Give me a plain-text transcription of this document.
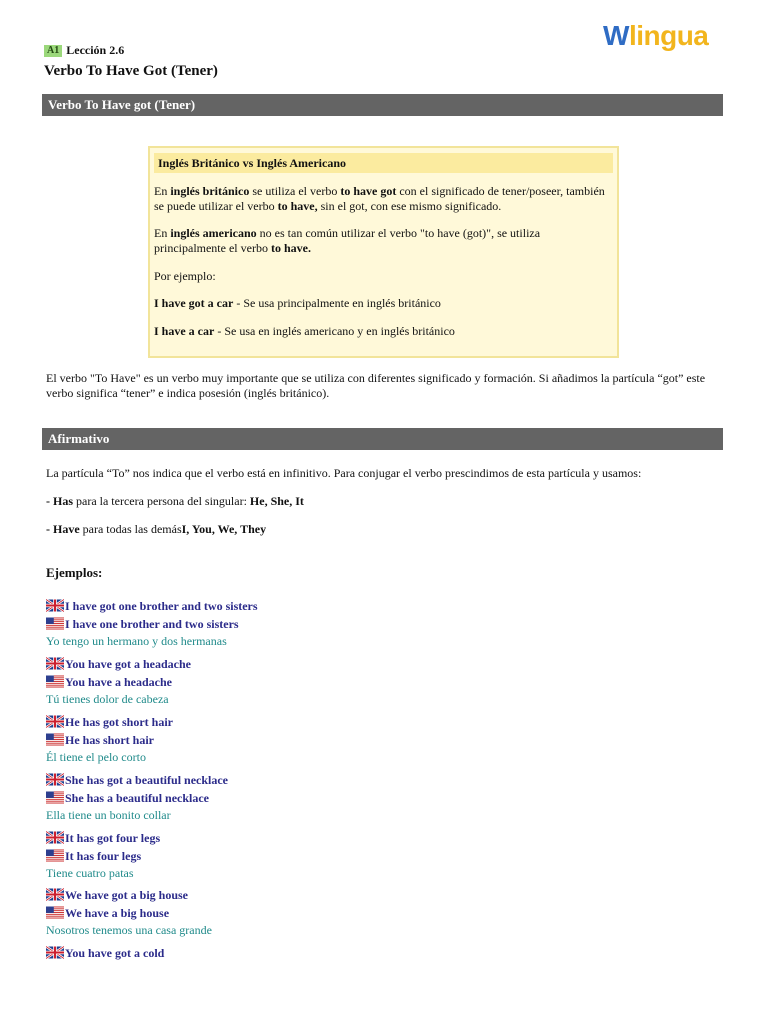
Wlingua
A1 Lección 2.6
Verbo To Have Got (Tener)
Verbo To Have got (Tener)
Inglés Británico vs Inglés Americano

En inglés británico se utiliza el verbo to have got con el significado de tener/poseer, también se puede utilizar el verbo to have, sin el got, con ese mismo significado.

En inglés americano no es tan común utilizar el verbo "to have (got)", se utiliza principalmente el verbo to have.

Por ejemplo:

I have got a car - Se usa principalmente en inglés británico

I have a car - Se usa en inglés americano y en inglés británico

El verbo "To Have" es un verbo muy importante que se utiliza con diferentes significado y formación. Si añadimos la partícula “got” este verbo significa “tener” e indica posesión (inglés británico).

Afirmativo

La partícula “To” nos indica que el verbo está en infinitivo. Para conjugar el verbo prescindimos de esta partícula y usamos:

- Has para la tercera persona del singular: He, She, It

- Have para todas las demásI, You, We, They

Ejemplos:
I have got one brother and two sisters
I have one brother and two sisters
Yo tengo un hermano y dos hermanas
You have got a headache
You have a headache
Tú tienes dolor de cabeza
He has got short hair
He has short hair
Él tiene el pelo corto
She has got a beautiful necklace
She has a beautiful necklace
Ella tiene un bonito collar
It has got four legs
It has four legs
Tiene cuatro patas
We have got a big house
We have a big house
Nosotros tenemos una casa grande
You have got a cold
